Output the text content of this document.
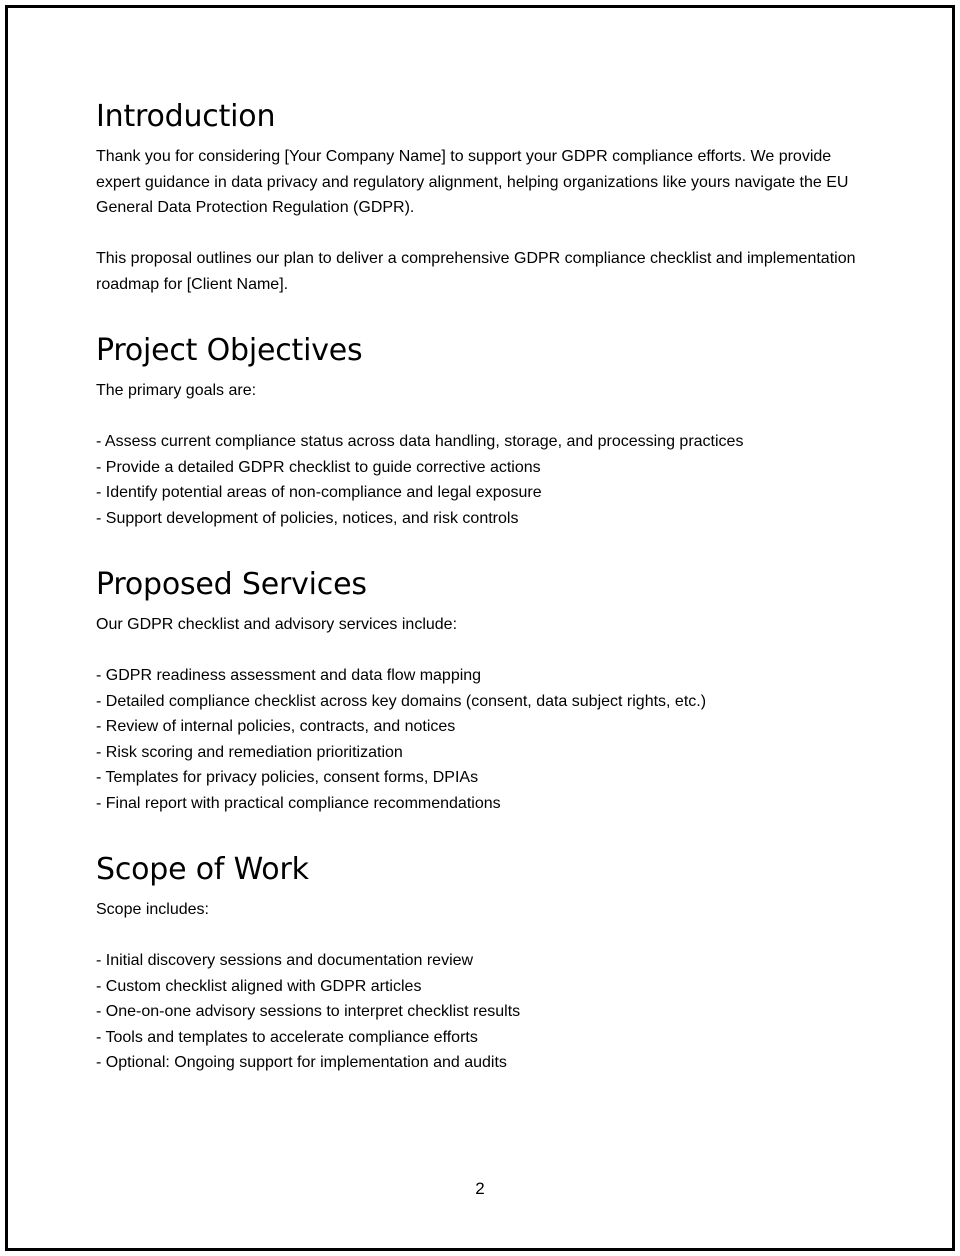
Introduction

Thank you for considering [Your Company Name] to support your GDPR compliance efforts. We provide expert guidance in data privacy and regulatory alignment, helping organizations like yours navigate the EU General Data Protection Regulation (GDPR).

This proposal outlines our plan to deliver a comprehensive GDPR compliance checklist and implementation roadmap for [Client Name].

Project Objectives

The primary goals are:

- Assess current compliance status across data handling, storage, and processing practices
- Provide a detailed GDPR checklist to guide corrective actions
- Identify potential areas of non-compliance and legal exposure
- Support development of policies, notices, and risk controls
Proposed Services

Our GDPR checklist and advisory services include:

- GDPR readiness assessment and data flow mapping
- Detailed compliance checklist across key domains (consent, data subject rights, etc.)
- Review of internal policies, contracts, and notices
- Risk scoring and remediation prioritization
- Templates for privacy policies, consent forms, DPIAs
- Final report with practical compliance recommendations
Scope of Work

Scope includes:

- Initial discovery sessions and documentation review
- Custom checklist aligned with GDPR articles
- One-on-one advisory sessions to interpret checklist results
- Tools and templates to accelerate compliance efforts
- Optional: Ongoing support for implementation and audits
2
